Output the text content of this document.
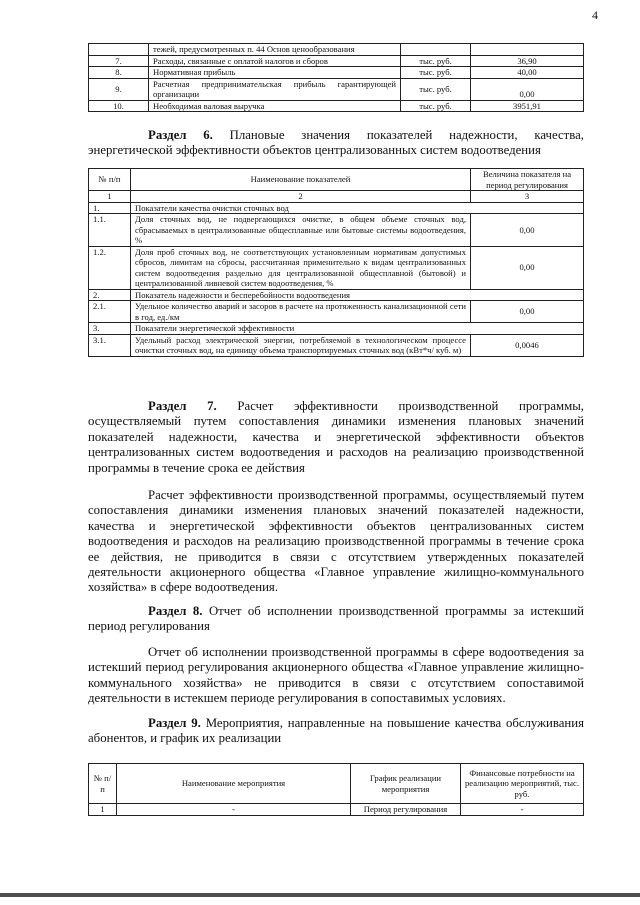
4
	тежей, предусмотренных п. 44 Основ ценообразования		
7.	Расходы, связанные с оплатой налогов и сборов	тыс. руб.	36,90
8.	Нормативная прибыль	тыс. руб.	40,00
9.	Расчетная предпринимательская прибыль гарантирующей организации	тыс. руб.	0,00
10.	Необходимая валовая выручка	тыс. руб.	3951,91
Раздел 6. Плановые значения показателей надежности, качества, энергетической эффективности объектов централизованных систем водоотведения
№ п/п	Наименование показателей	Величина показателя на период регулирования
1	2	3
1.	Показатели качества очистки сточных вод	
1.1.	Доля сточных вод, не подвергающихся очистке, в общем объеме сточных вод, сбрасываемых в централизованные общесплавные или бытовые системы водоотведения, %	0,00
1.2.	Доля проб сточных вод, не соответствующих установленным нормативам допустимых сбросов, лимитам на сбросы, рассчитанная применительно к видам централизованных систем водоотведения раздельно для централизованной общесплавной (бытовой) и централизованной ливневой систем водоотведения, %	0,00
2.	Показатель надежности и бесперебойности водоотведения	
2.1.	Удельное количество аварий и засоров в расчете на протяженность канализационной сети в год, ед./км	0,00
3.	Показатели энергетической эффективности	
3.1.	Удельный расход электрической энергии, потребляемой в технологическом процессе очистки сточных вод, на единицу объема транспортируемых сточных вод (кВт*ч/ куб. м)	0,0046
Раздел 7. Расчет эффективности производственной программы, осуществляемый путем сопоставления динамики изменения плановых значений показателей надежности, качества и энергетической эффективности объектов централизованных систем водоотведения и расходов на реализацию производственной программы в течение срока ее действия
Расчет эффективности производственной программы, осуществляемый путем сопоставления динамики изменения плановых значений показателей надежности, качества и энергетической эффективности объектов централизованных систем водоотведения и расходов на реализацию производственной программы в течение срока ее действия, не приводится в связи с отсутствием утвержденных показателей деятельности акционерного общества «Главное управление жилищно-коммунального хозяйства» в сфере водоотведения.
Раздел 8. Отчет об исполнении производственной программы за истекший период регулирования
Отчет об исполнении производственной программы в сфере водоотведения за истекший период регулирования акционерного общества «Главное управление жилищно-коммунального хозяйства» не приводится в связи с отсутствием сопоставимой деятельности в истекшем периоде регулирования в сопоставимых условиях.
Раздел 9. Мероприятия, направленные на повышение качества обслуживания абонентов, и график их реализации
№ п/п	Наименование мероприятия	График реализации мероприятия	Финансовые потребности на реализацию мероприятий, тыс. руб.
1	-	Период регулирования	-
